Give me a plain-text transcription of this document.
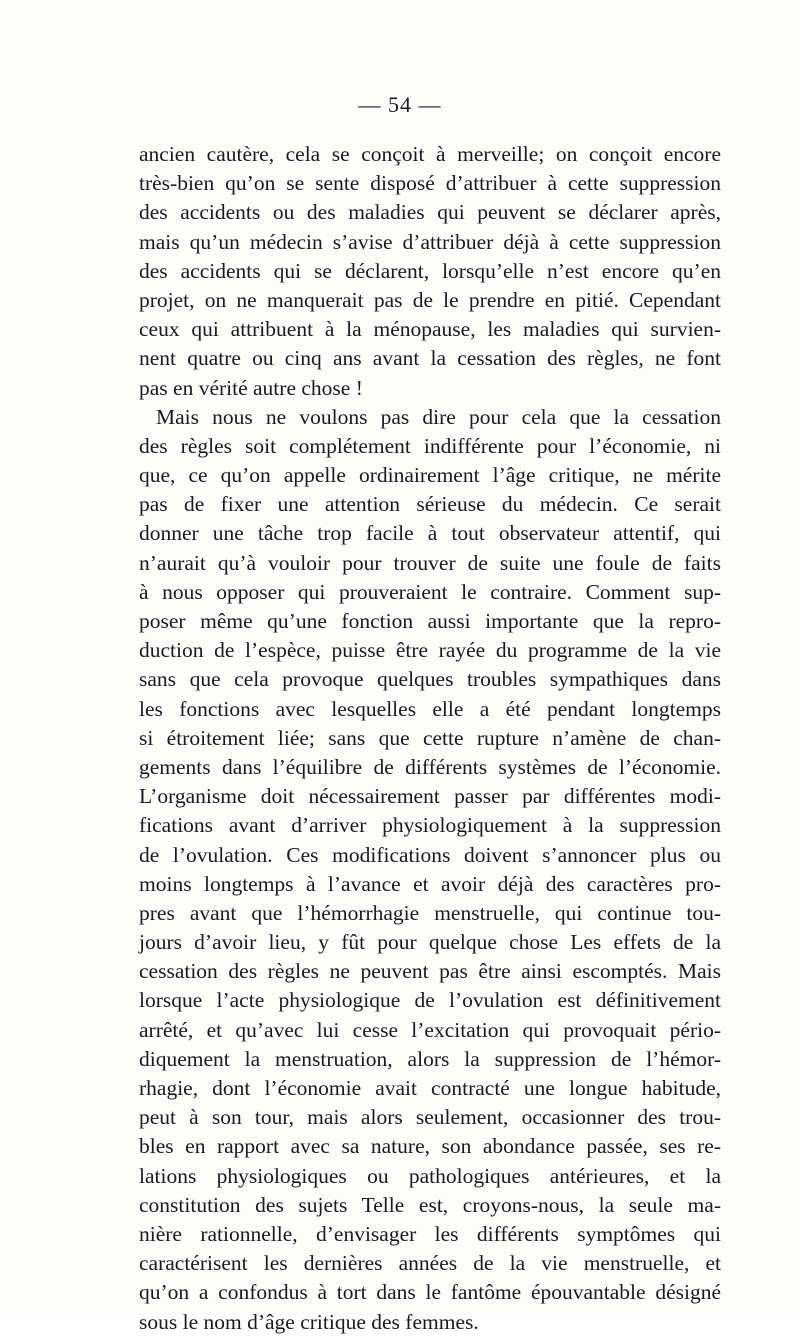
— 54 —
ancien cautère, cela se conçoit à merveille; on conçoit encore
très-bien qu’on se sente disposé d’attribuer à cette suppression
des accidents ou des maladies qui peuvent se déclarer après,
mais qu’un médecin s’avise d’attribuer déjà à cette suppression
des accidents qui se déclarent, lorsqu’elle n’est encore qu’en
projet, on ne manquerait pas de le prendre en pitié. Cependant
ceux qui attribuent à la ménopause, les maladies qui survien-
nent quatre ou cinq ans avant la cessation des règles, ne font
pas en vérité autre chose !
Mais nous ne voulons pas dire pour cela que la cessation
des règles soit complétement indifférente pour l’économie, ni
que, ce qu’on appelle ordinairement l’âge critique, ne mérite
pas de fixer une attention sérieuse du médecin. Ce serait
donner une tâche trop facile à tout observateur attentif, qui
n’aurait qu’à vouloir pour trouver de suite une foule de faits
à nous opposer qui prouveraient le contraire. Comment sup-
poser même qu’une fonction aussi importante que la repro-
duction de l’espèce, puisse être rayée du programme de la vie
sans que cela provoque quelques troubles sympathiques dans
les fonctions avec lesquelles elle a été pendant longtemps
si étroitement liée; sans que cette rupture n’amène de chan-
gements dans l’équilibre de différents systèmes de l’économie.
L’organisme doit nécessairement passer par différentes modi-
fications avant d’arriver physiologiquement à la suppression
de l’ovulation. Ces modifications doivent s’annoncer plus ou
moins longtemps à l’avance et avoir déjà des caractères pro-
pres avant que l’hémorrhagie menstruelle, qui continue tou-
jours d’avoir lieu, y fût pour quelque chose Les effets de la
cessation des règles ne peuvent pas être ainsi escomptés. Mais
lorsque l’acte physiologique de l’ovulation est définitivement
arrêté, et qu’avec lui cesse l’excitation qui provoquait pério-
diquement la menstruation, alors la suppression de l’hémor-
rhagie, dont l’économie avait contracté une longue habitude,
peut à son tour, mais alors seulement, occasionner des trou-
bles en rapport avec sa nature, son abondance passée, ses re-
lations physiologiques ou pathologiques antérieures, et la
constitution des sujets Telle est, croyons-nous, la seule ma-
nière rationnelle, d’envisager les différents symptômes qui
caractérisent les dernières années de la vie menstruelle, et
qu’on a confondus à tort dans le fantôme épouvantable désigné
sous le nom d’âge critique des femmes.
